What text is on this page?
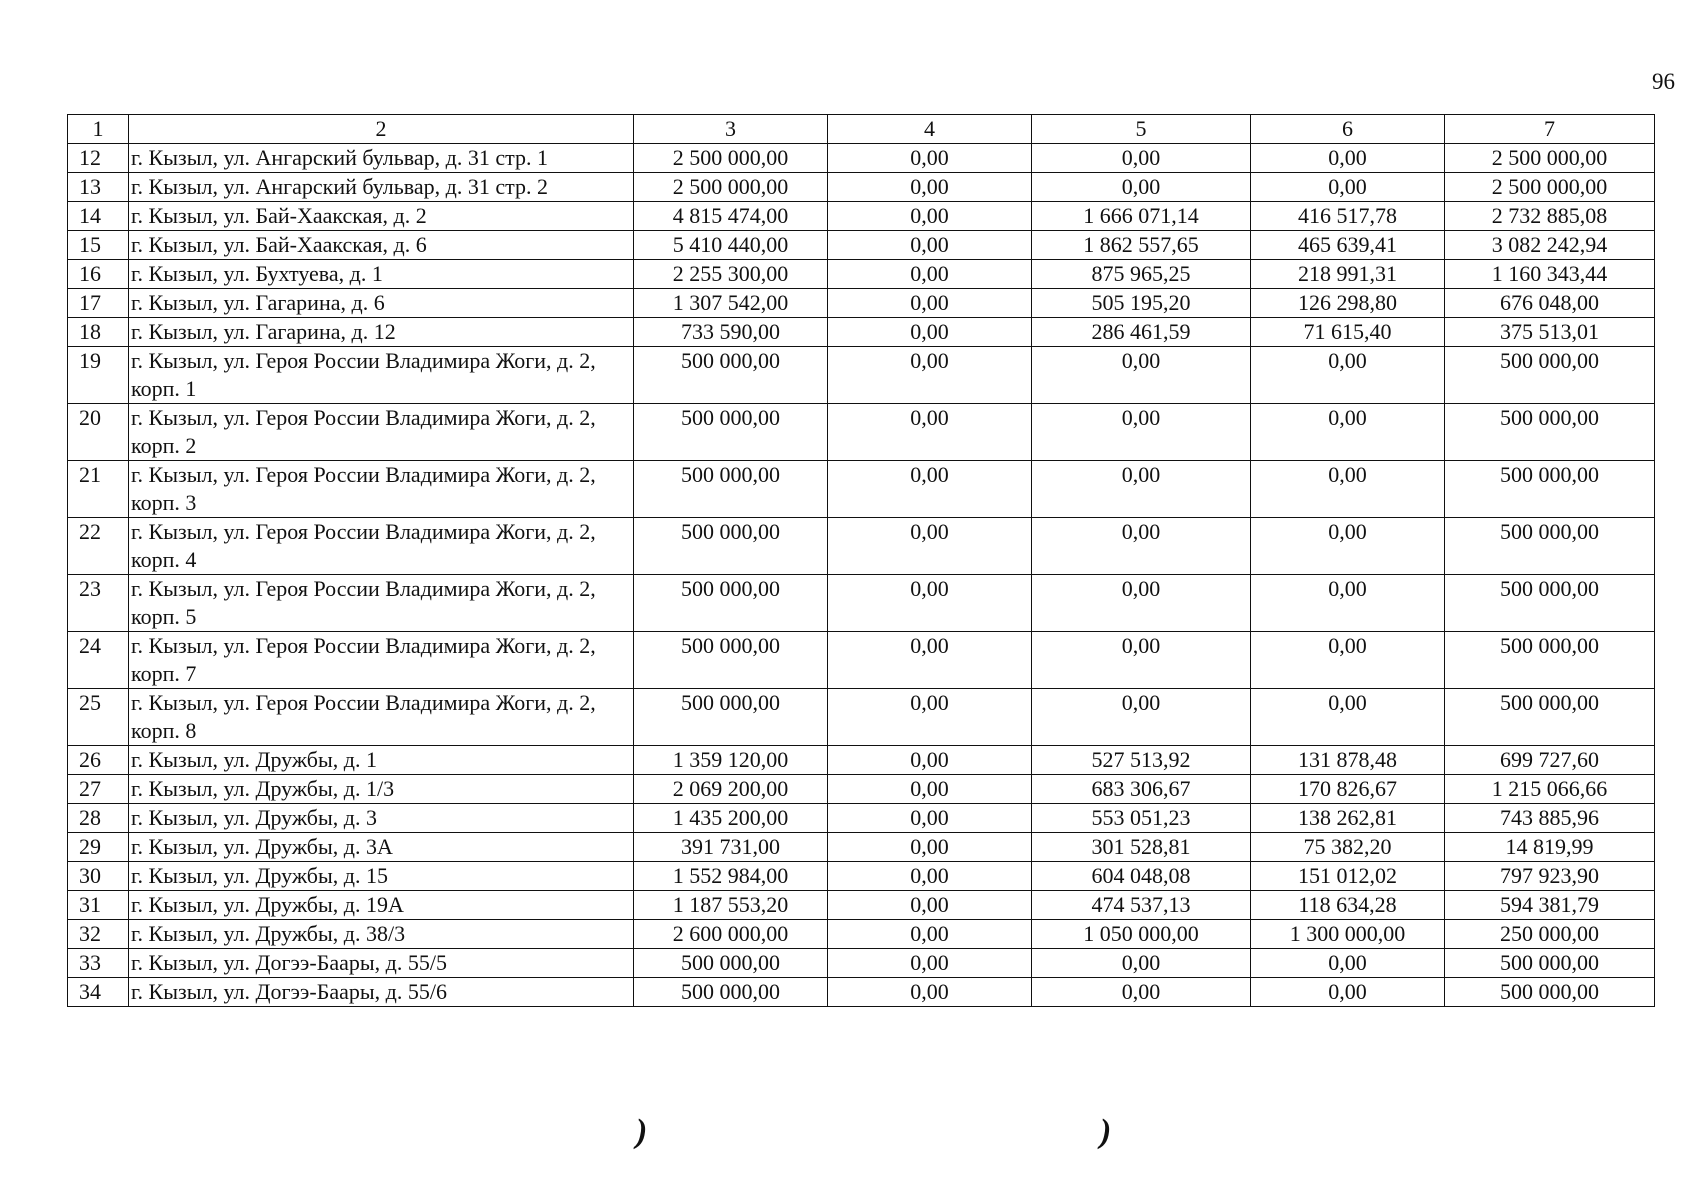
96
1	2	3	4	5	6	7
12	г. Кызыл, ул. Ангарский бульвар, д. 31 стр. 1	2 500 000,00	0,00	0,00	0,00	2 500 000,00
13	г. Кызыл, ул. Ангарский бульвар, д. 31 стр. 2	2 500 000,00	0,00	0,00	0,00	2 500 000,00
14	г. Кызыл, ул. Бай-Хаакская, д. 2	4 815 474,00	0,00	1 666 071,14	416 517,78	2 732 885,08
15	г. Кызыл, ул. Бай-Хаакская, д. 6	5 410 440,00	0,00	1 862 557,65	465 639,41	3 082 242,94
16	г. Кызыл, ул. Бухтуева, д. 1	2 255 300,00	0,00	875 965,25	218 991,31	1 160 343,44
17	г. Кызыл, ул. Гагарина, д. 6	1 307 542,00	0,00	505 195,20	126 298,80	676 048,00
18	г. Кызыл, ул. Гагарина, д. 12	733 590,00	0,00	286 461,59	71 615,40	375 513,01
19	г. Кызыл, ул. Героя России Владимира Жоги, д. 2, корп. 1	500 000,00	0,00	0,00	0,00	500 000,00
20	г. Кызыл, ул. Героя России Владимира Жоги, д. 2, корп. 2	500 000,00	0,00	0,00	0,00	500 000,00
21	г. Кызыл, ул. Героя России Владимира Жоги, д. 2, корп. 3	500 000,00	0,00	0,00	0,00	500 000,00
22	г. Кызыл, ул. Героя России Владимира Жоги, д. 2, корп. 4	500 000,00	0,00	0,00	0,00	500 000,00
23	г. Кызыл, ул. Героя России Владимира Жоги, д. 2, корп. 5	500 000,00	0,00	0,00	0,00	500 000,00
24	г. Кызыл, ул. Героя России Владимира Жоги, д. 2, корп. 7	500 000,00	0,00	0,00	0,00	500 000,00
25	г. Кызыл, ул. Героя России Владимира Жоги, д. 2, корп. 8	500 000,00	0,00	0,00	0,00	500 000,00
26	г. Кызыл, ул. Дружбы, д. 1	1 359 120,00	0,00	527 513,92	131 878,48	699 727,60
27	г. Кызыл, ул. Дружбы, д. 1/3	2 069 200,00	0,00	683 306,67	170 826,67	1 215 066,66
28	г. Кызыл, ул. Дружбы, д. 3	1 435 200,00	0,00	553 051,23	138 262,81	743 885,96
29	г. Кызыл, ул. Дружбы, д. 3А	391 731,00	0,00	301 528,81	75 382,20	14 819,99
30	г. Кызыл, ул. Дружбы, д. 15	1 552 984,00	0,00	604 048,08	151 012,02	797 923,90
31	г. Кызыл, ул. Дружбы, д. 19А	1 187 553,20	0,00	474 537,13	118 634,28	594 381,79
32	г. Кызыл, ул. Дружбы, д. 38/3	2 600 000,00	0,00	1 050 000,00	1 300 000,00	250 000,00
33	г. Кызыл, ул. Догээ-Баары, д. 55/5	500 000,00	0,00	0,00	0,00	500 000,00
34	г. Кызыл, ул. Догээ-Баары, д. 55/6	500 000,00	0,00	0,00	0,00	500 000,00
)	)
